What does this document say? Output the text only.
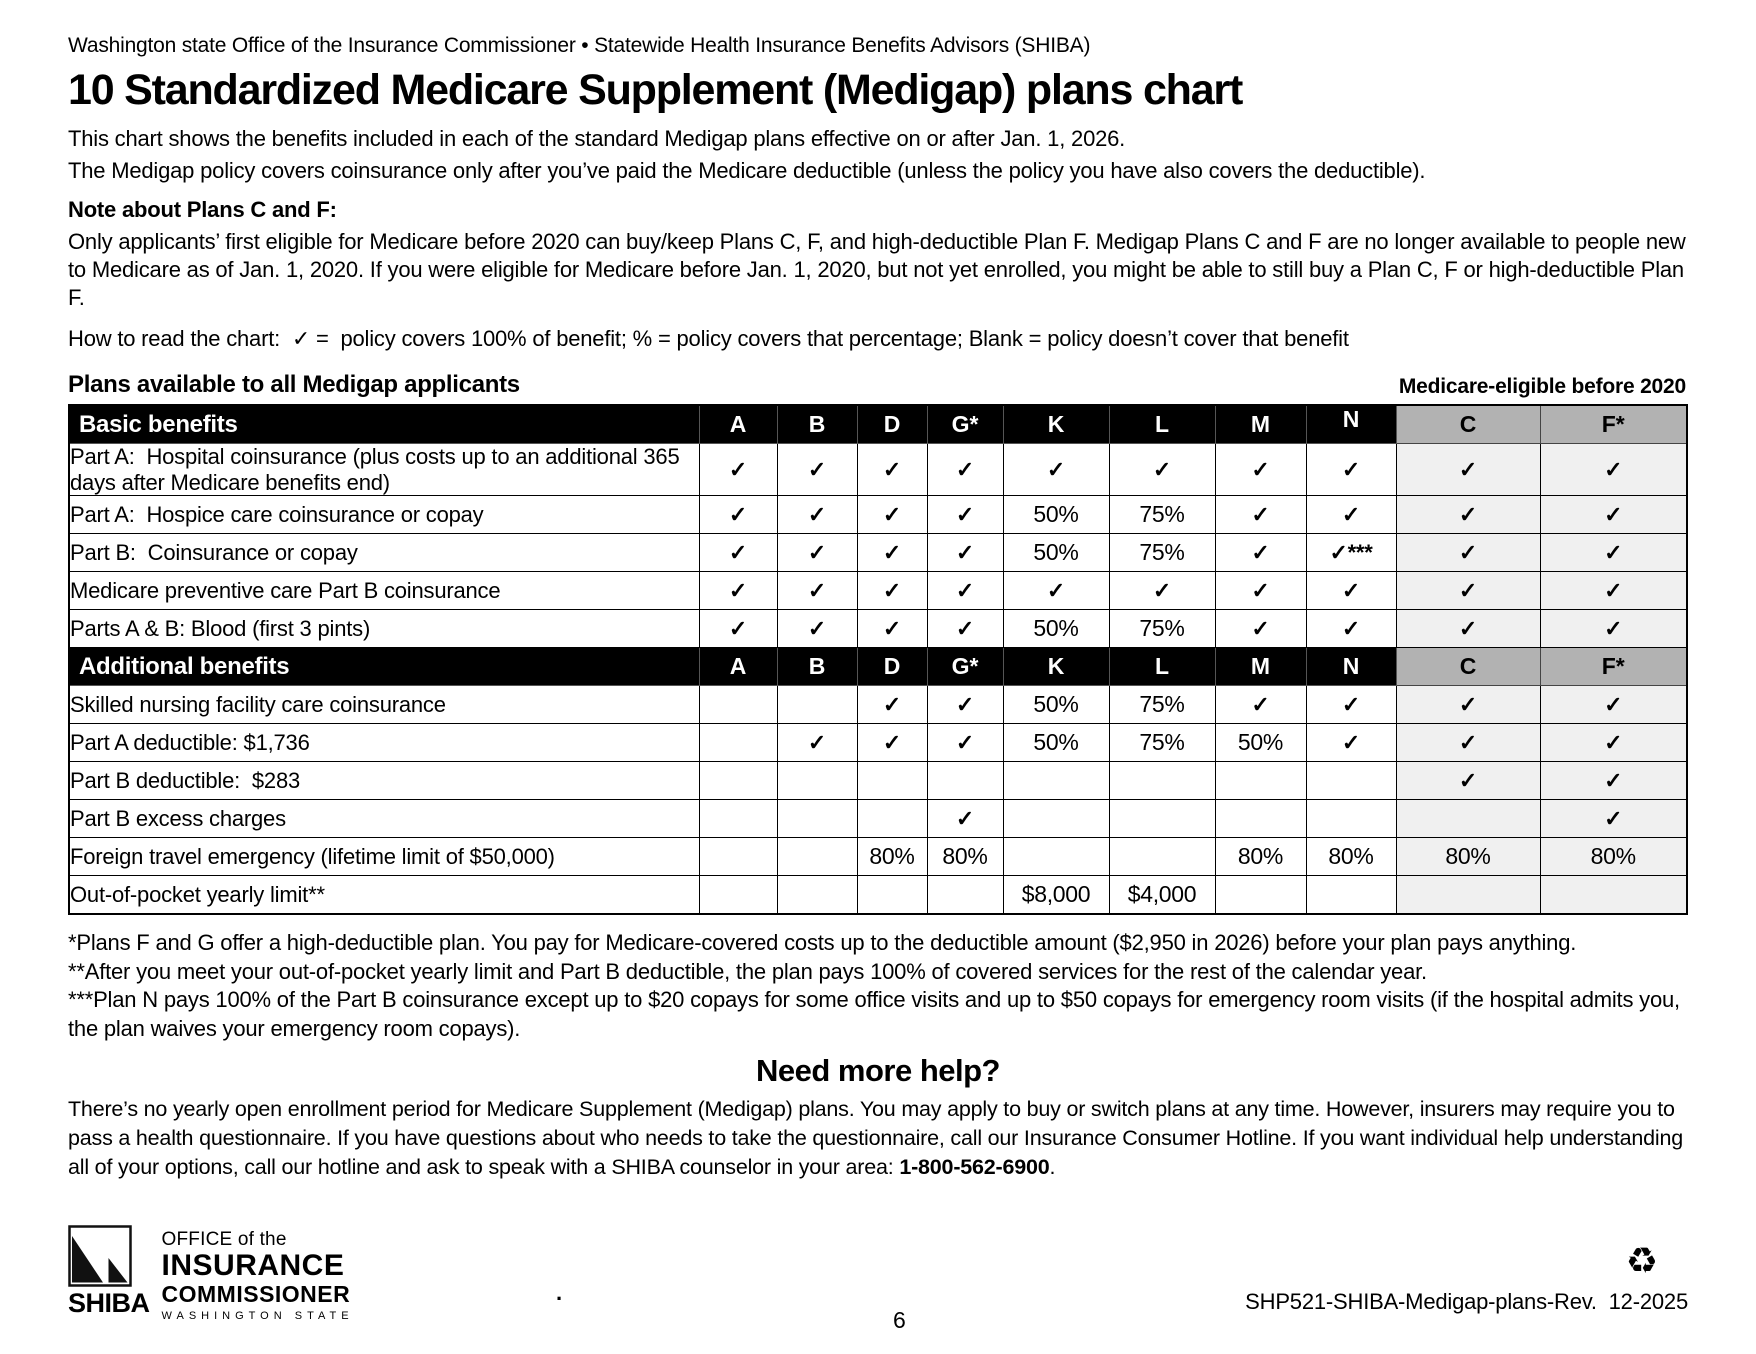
Washington state Office of the Insurance Commissioner • Statewide Health Insurance Benefits Advisors (SHIBA)
10 Standardized Medicare Supplement (Medigap) plans chart

This chart shows the benefits included in each of the standard Medigap plans effective on or after Jan. 1, 2026.

The Medigap policy covers coinsurance only after you’ve paid the Medicare deductible (unless the policy you have also covers the deductible).

Note about Plans C and F:

Only applicants’ first eligible for Medicare before 2020 can buy/keep Plans C, F, and high-deductible Plan F. Medigap Plans C and F are no longer available to people new to Medicare as of Jan. 1, 2020. If you were eligible for Medicare before Jan. 1, 2020, but not yet enrolled, you might be able to still buy a Plan C, F or high-deductible Plan F.

How to read the chart:  ✓ =  policy covers 100% of benefit; % = policy covers that percentage; Blank = policy doesn’t cover that benefit

Plans available to all Medigap applicants	Medicare-eligible before 2020
Basic benefits	A	B	D	G*	K	L	M	N	C	F*
Part A:  Hospital coinsurance (plus costs up to an additional 365 days after Medicare benefits end)	✓	✓	✓	✓	✓	✓	✓	✓	✓	✓
Part A:  Hospice care coinsurance or copay	✓	✓	✓	✓	50%	75%	✓	✓	✓	✓
Part B:  Coinsurance or copay	✓	✓	✓	✓	50%	75%	✓	✓***	✓	✓
Medicare preventive care Part B coinsurance	✓	✓	✓	✓	✓	✓	✓	✓	✓	✓
Parts A & B: Blood (first 3 pints)	✓	✓	✓	✓	50%	75%	✓	✓	✓	✓
Additional benefits	A	B	D	G*	K	L	M	N	C	F*
Skilled nursing facility care coinsurance			✓	✓	50%	75%	✓	✓	✓	✓
Part A deductible: $1,736		✓	✓	✓	50%	75%	50%	✓	✓	✓
Part B deductible:  $283									✓	✓
Part B excess charges				✓						✓
Foreign travel emergency (lifetime limit of $50,000)			80%	80%			80%	80%	80%	80%
Out-of-pocket yearly limit**					$8,000	$4,000				

*Plans F and G offer a high-deductible plan. You pay for Medicare-covered costs up to the deductible amount ($2,950 in 2026) before your plan pays anything.

**After you meet your out-of-pocket yearly limit and Part B deductible, the plan pays 100% of covered services for the rest of the calendar year.

***Plan N pays 100% of the Part B coinsurance except up to $20 copays for some office visits and up to $50 copays for emergency room visits (if the hospital admits you, the plan waives your emergency room copays).

Need more help?

There’s no yearly open enrollment period for Medicare Supplement (Medigap) plans. You may apply to buy or switch plans at any time. However, insurers may require you to pass a health questionnaire. If you have questions about who needs to take the questionnaire, call our Insurance Consumer Hotline. If you want individual help understanding all of your options, call our hotline and ask to speak with a SHIBA counselor in your area: 1-800-562-6900.

SHIBA
OFFICE of the
INSURANCE
COMMISSIONER
WASHINGTON STATE
.
6
♻
SHP521-SHIBA-Medigap-plans-Rev.  12-2025
